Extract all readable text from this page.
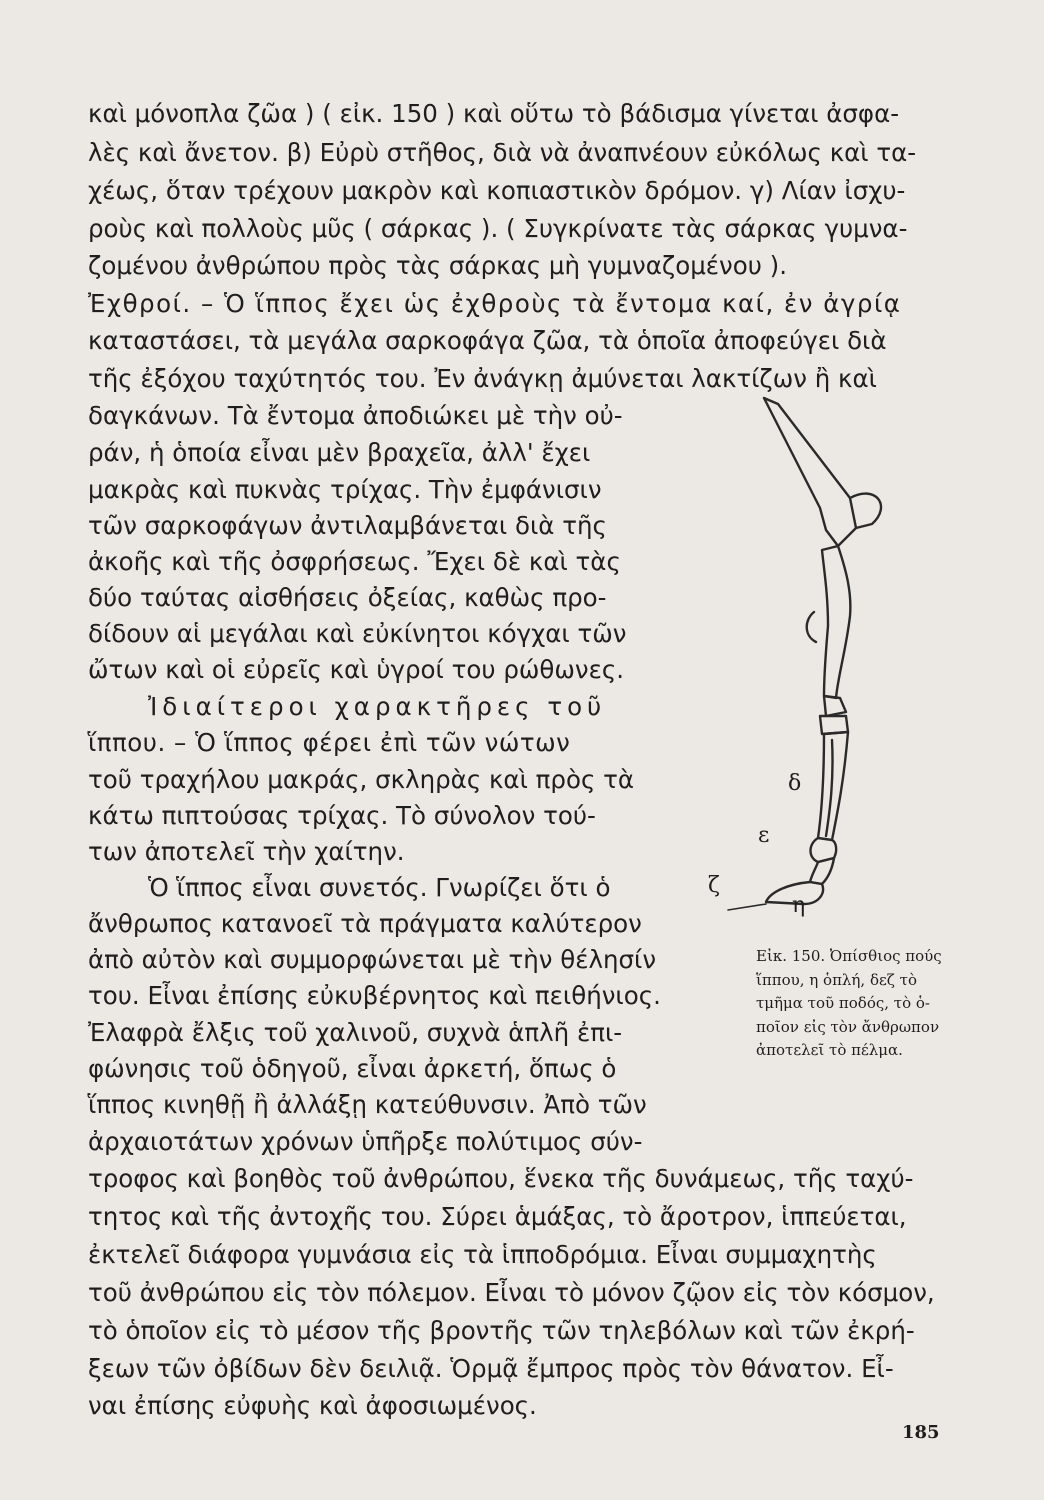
καὶ μόνοπλα ζῶα ) ( εἰκ. 150 ) καὶ οὕτω τὸ βάδισμα γίνεται ἀσφα-
λὲς καὶ ἄνετον. β) Εὐρὺ στῆθος, διὰ νὰ ἀναπνέουν εὐκόλως καὶ τα-
χέως, ὅταν τρέχουν μακρὸν καὶ κοπιαστικὸν δρόμον. γ) Λίαν ἰσχυ-
ροὺς καὶ πολλοὺς μῦς ( σάρκας ). ( Συγκρίνατε τὰς σάρκας γυμνα-
ζομένου ἀνθρώπου πρὸς τὰς σάρκας μὴ γυμναζομένου ).
Ἐχθροί. – Ὁ ἵππος ἔχει ὡς ἐχθροὺς τὰ ἔντομα καί, ἐν ἀγρίᾳ
καταστάσει, τὰ μεγάλα σαρκοφάγα ζῶα, τὰ ὁποῖα ἀποφεύγει διὰ
τῆς ἐξόχου ταχύτητός του. Ἐν ἀνάγκῃ ἀμύνεται λακτίζων ἢ καὶ
δαγκάνων. Τὰ ἔντομα ἀποδιώκει μὲ τὴν οὐ-
ράν, ἡ ὁποία εἶναι μὲν βραχεῖα, ἀλλ' ἔχει
μακρὰς καὶ πυκνὰς τρίχας. Τὴν ἐμφάνισιν
τῶν σαρκοφάγων ἀντιλαμβάνεται διὰ τῆς
ἀκοῆς καὶ τῆς ὀσφρήσεως. Ἔχει δὲ καὶ τὰς
δύο ταύτας αἰσθήσεις ὀξείας, καθὼς προ-
δίδουν αἱ μεγάλαι καὶ εὐκίνητοι κόγχαι τῶν
ὤτων καὶ οἱ εὐρεῖς καὶ ὑγροί του ρώθωνες.
Ἰδιαίτεροι χαρακτῆρες τοῦ
ἵππου. – Ὁ ἵππος φέρει ἐπὶ τῶν νώτων
τοῦ τραχήλου μακράς, σκληρὰς καὶ πρὸς τὰ
κάτω πιπτούσας τρίχας. Τὸ σύνολον τού-
των ἀποτελεῖ τὴν χαίτην.
Ὁ ἵππος εἶναι συνετός. Γνωρίζει ὅτι ὁ
ἄνθρωπος κατανοεῖ τὰ πράγματα καλύτερον
ἀπὸ αὐτὸν καὶ συμμορφώνεται μὲ τὴν θέλησίν
του. Εἶναι ἐπίσης εὐκυβέρνητος καὶ πειθήνιος.
Ἐλαφρὰ ἔλξις τοῦ χαλινοῦ, συχνὰ ἁπλῆ ἐπι-
φώνησις τοῦ ὁδηγοῦ, εἶναι ἀρκετή, ὅπως ὁ
ἵππος κινηθῇ ἢ ἀλλάξῃ κατεύθυνσιν. Ἀπὸ τῶν
ἀρχαιοτάτων χρόνων ὑπῆρξε πολύτιμος σύν-
τροφος καὶ βοηθὸς τοῦ ἀνθρώπου, ἕνεκα τῆς δυνάμεως, τῆς ταχύ-
τητος καὶ τῆς ἀντοχῆς του. Σύρει ἁμάξας, τὸ ἄροτρον, ἱππεύεται,
ἐκτελεῖ διάφορα γυμνάσια εἰς τὰ ἱπποδρόμια. Εἶναι συμμαχητὴς
τοῦ ἀνθρώπου εἰς τὸν πόλεμον. Εἶναι τὸ μόνον ζῷον εἰς τὸν κόσμον,
τὸ ὁποῖον εἰς τὸ μέσον τῆς βροντῆς τῶν τηλεβόλων καὶ τῶν ἐκρή-
ξεων τῶν ὀβίδων δὲν δειλιᾷ. Ὁρμᾷ ἔμπρος πρὸς τὸν θάνατον. Εἶ-
ναι ἐπίσης εὐφυὴς καὶ ἀφοσιωμένος.
δ
ε
ζ
η

Εἰκ. 150. Ὀπίσθιος πούς

ἵππου, η ὁπλή, δεζ τὸ

τμῆμα τοῦ ποδός, τὸ ὁ-

ποῖον εἰς τὸν ἄνθρωπον

ἀποτελεῖ τὸ πέλμα.

185
